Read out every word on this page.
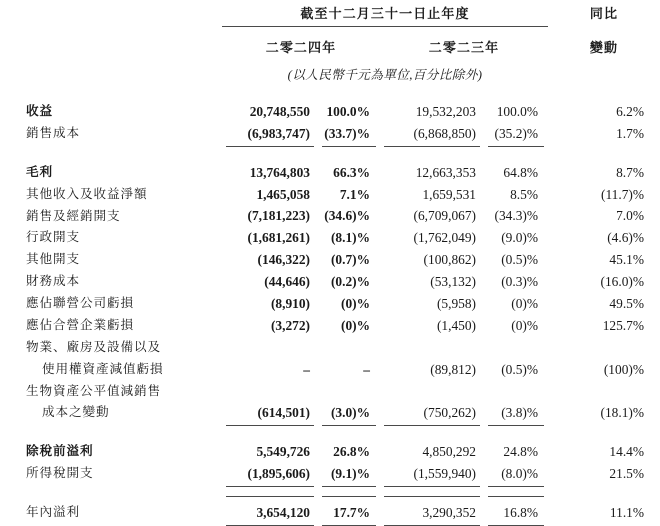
	截至十二月三十一日止年度				同比

	二零二四年		二零二三年		變動
	(以人民幣千元為單位,百分比除外)				

收益	20,748,550	100.0%	19,532,203	100.0%	6.2%
銷售成本	(6,983,747)	(33.7)%	(6,868,850)	(35.2)%	1.7%

毛利	13,764,803	66.3%	12,663,353	64.8%	8.7%
其他收入及收益淨額	1,465,058	7.1%	1,659,531	8.5%	(11.7)%
銷售及經銷開支	(7,181,223)	(34.6)%	(6,709,067)	(34.3)%	7.0%
行政開支	(1,681,261)	(8.1)%	(1,762,049)	(9.0)%	(4.6)%
其他開支	(146,322)	(0.7)%	(100,862)	(0.5)%	45.1%
財務成本	(44,646)	(0.2)%	(53,132)	(0.3)%	(16.0)%
應佔聯營公司虧損	(8,910)	(0)%	(5,958)	(0)%	49.5%
應佔合營企業虧損	(3,272)	(0)%	(1,450)	(0)%	125.7%
物業、廠房及設備以及					
使用權資產減值虧損	–	–	(89,812)	(0.5)%	(100)%
生物資產公平值減銷售					
成本之變動	(614,501)	(3.0)%	(750,262)	(3.8)%	(18.1)%

除稅前溢利	5,549,726	26.8%	4,850,292	24.8%	14.4%
所得稅開支	(1,895,606)	(9.1)%	(1,559,940)	(8.0)%	21.5%

年內溢利	3,654,120	17.7%	3,290,352	16.8%	11.1%
